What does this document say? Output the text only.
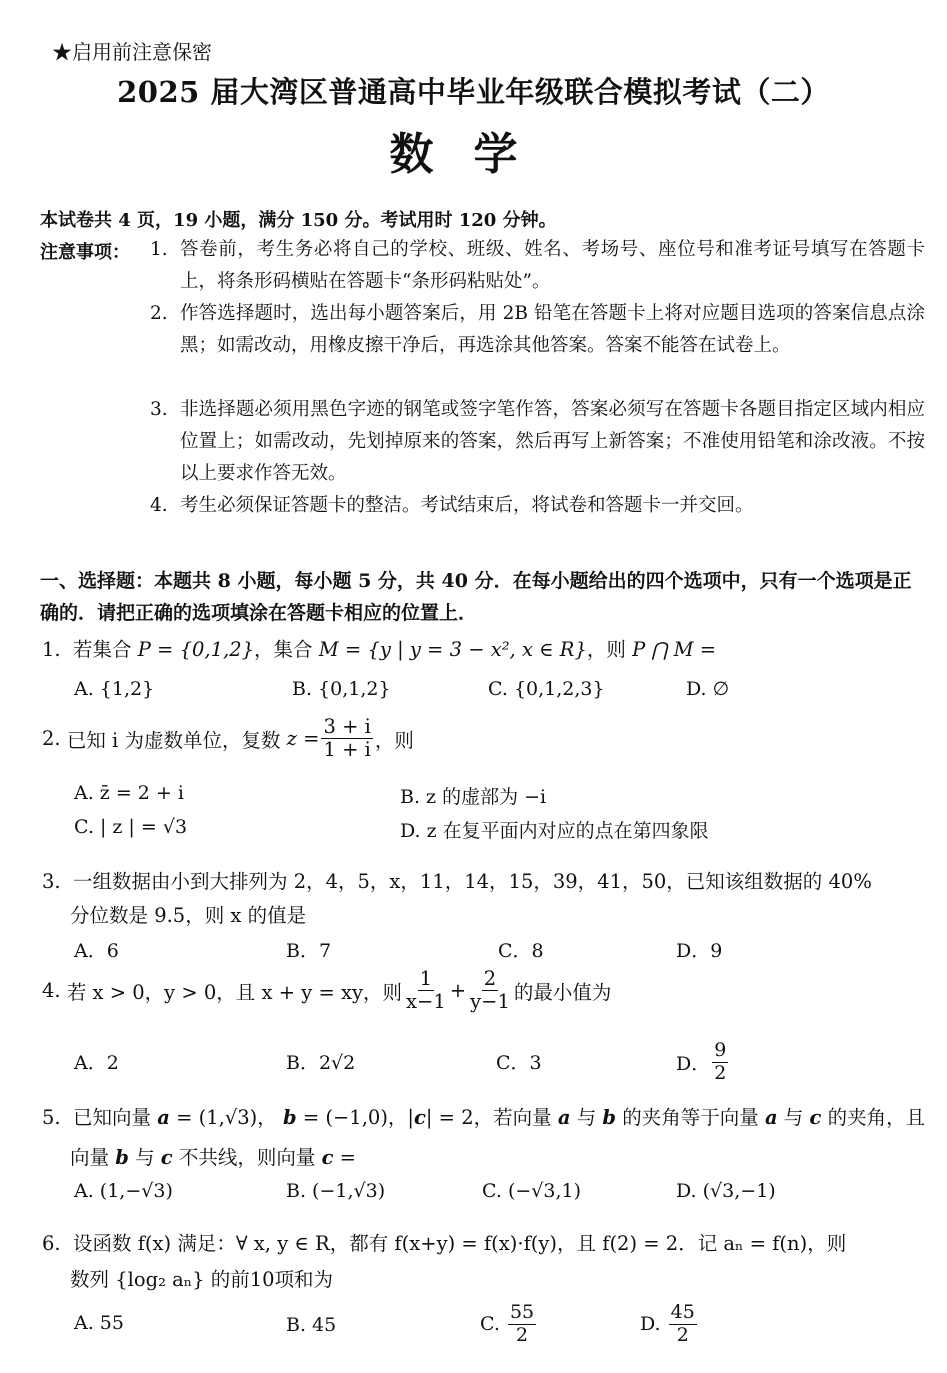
★启用前注意保密
2025 届大湾区普通高中毕业年级联合模拟考试（二）
数学
本试卷共 4 页，19 小题，满分 150 分。考试用时 120 分钟。
注意事项： 1. 答卷前，考生务必将自己的学校、班级、姓名、考场号、座位号和准考证号填写在答题卡上，将条形码横贴在答题卡“条形码粘贴处”。
2. 作答选择题时，选出每小题答案后，用 2B 铅笔在答题卡上将对应题目选项的答案信息点涂黑；如需改动，用橡皮擦干净后，再选涂其他答案。答案不能答在试卷上。
3. 非选择题必须用黑色字迹的钢笔或签字笔作答，答案必须写在答题卡各题目指定区域内相应位置上；如需改动，先划掉原来的答案，然后再写上新答案；不准使用铅笔和涂改液。不按以上要求作答无效。
4. 考生必须保证答题卡的整洁。考试结束后，将试卷和答题卡一并交回。
一、选择题：本题共 8 小题，每小题 5 分，共 40 分．在每小题给出的四个选项中，只有一个选项是正确的．请把正确的选项填涂在答题卡相应的位置上．
1. 若集合 P = {0,1,2}，集合 M = {y | y = 3 − x², x ∈ R}，则 P ⋂ M =
A. {1,2}	B. {0,1,2}	C. {0,1,2,3}	D. ∅
2.
已知 i 为虚数单位，复数
$z = \frac{3 + i}{1 + i}$ ，则
A. z̄ = 2 + i	B. z 的虚部为 −i
C. | z | = √3	D. z 在复平面内对应的点在第四象限
3. 一组数据由小到大排列为 2，4，5，x，11，14，15，39，41，50，已知该组数据的 40%
分位数是 9.5，则 x 的值是
A．6	B．7	C．8	D．9
4.
若 x > 0，y > 0，且 x + y = xy，则 $\frac{1}{x-1} + \frac{2}{y-1}$ 的最小值为
A．2	B．2√2	C．3	D． $\frac{9}{2}$
5. 已知向量 a = (1,√3)， b = (−1,0)，|c| = 2，若向量 a 与 b 的夹角等于向量 a 与 c 的夹角，且
向量 b 与 c 不共线，则向量 c =
A. (1,−√3)	B. (−1,√3)	C. (−√3,1)	D. (√3,−1)
6. 设函数 f(x) 满足：∀ x, y ∈ R，都有 f(x+y) = f(x)·f(y)，且 f(2) = 2．记 aₙ = f(n)，则
数列 {log₂ aₙ} 的前10项和为
A. 55	B. 45	C.
$\frac{55}{2}$	D.
$\frac{45}{2}$
